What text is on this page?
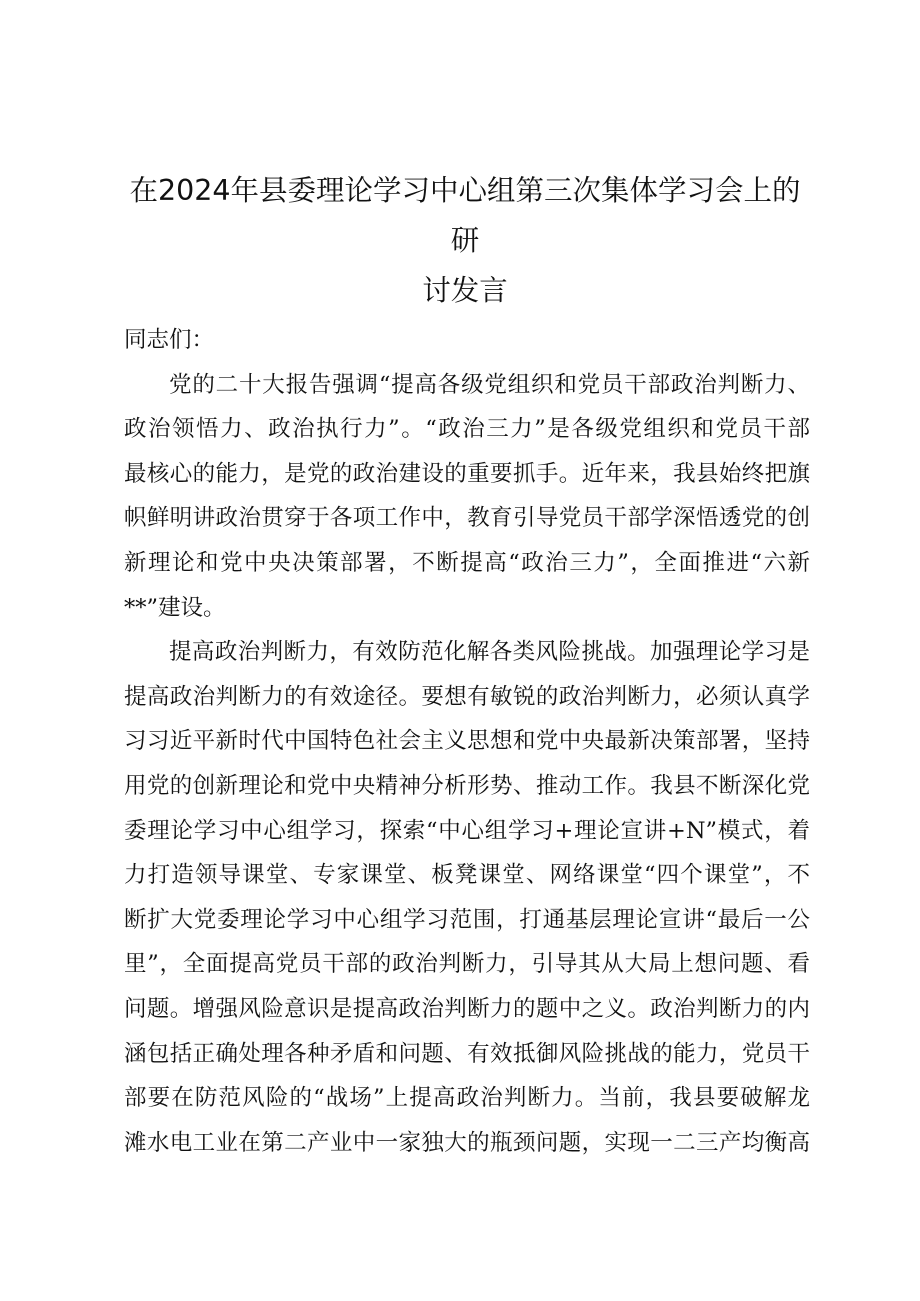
在2024年县委理论学习中心组第三次集体学习会上的研
讨发言
同志们：
党的二十大报告强调“提高各级党组织和党员干部政治判断力、
政治领悟力、政治执行力”。“政治三力”是各级党组织和党员干部
最核心的能力，是党的政治建设的重要抓手。近年来，我县始终把旗
帜鲜明讲政治贯穿于各项工作中，教育引导党员干部学深悟透党的创
新理论和党中央决策部署，不断提高“政治三力”，全面推进“六新
**”建设。
提高政治判断力，有效防范化解各类风险挑战。加强理论学习是
提高政治判断力的有效途径。要想有敏锐的政治判断力，必须认真学
习习近平新时代中国特色社会主义思想和党中央最新决策部署，坚持
用党的创新理论和党中央精神分析形势、推动工作。我县不断深化党
委理论学习中心组学习，探索“中心组学习+理论宣讲+N”模式，着
力打造领导课堂、专家课堂、板凳课堂、网络课堂“四个课堂”，不
断扩大党委理论学习中心组学习范围，打通基层理论宣讲“最后一公
里”，全面提高党员干部的政治判断力，引导其从大局上想问题、看
问题。增强风险意识是提高政治判断力的题中之义。政治判断力的内
涵包括正确处理各种矛盾和问题、有效抵御风险挑战的能力，党员干
部要在防范风险的“战场”上提高政治判断力。当前，我县要破解龙
滩水电工业在第二产业中一家独大的瓶颈问题，实现一二三产均衡高
